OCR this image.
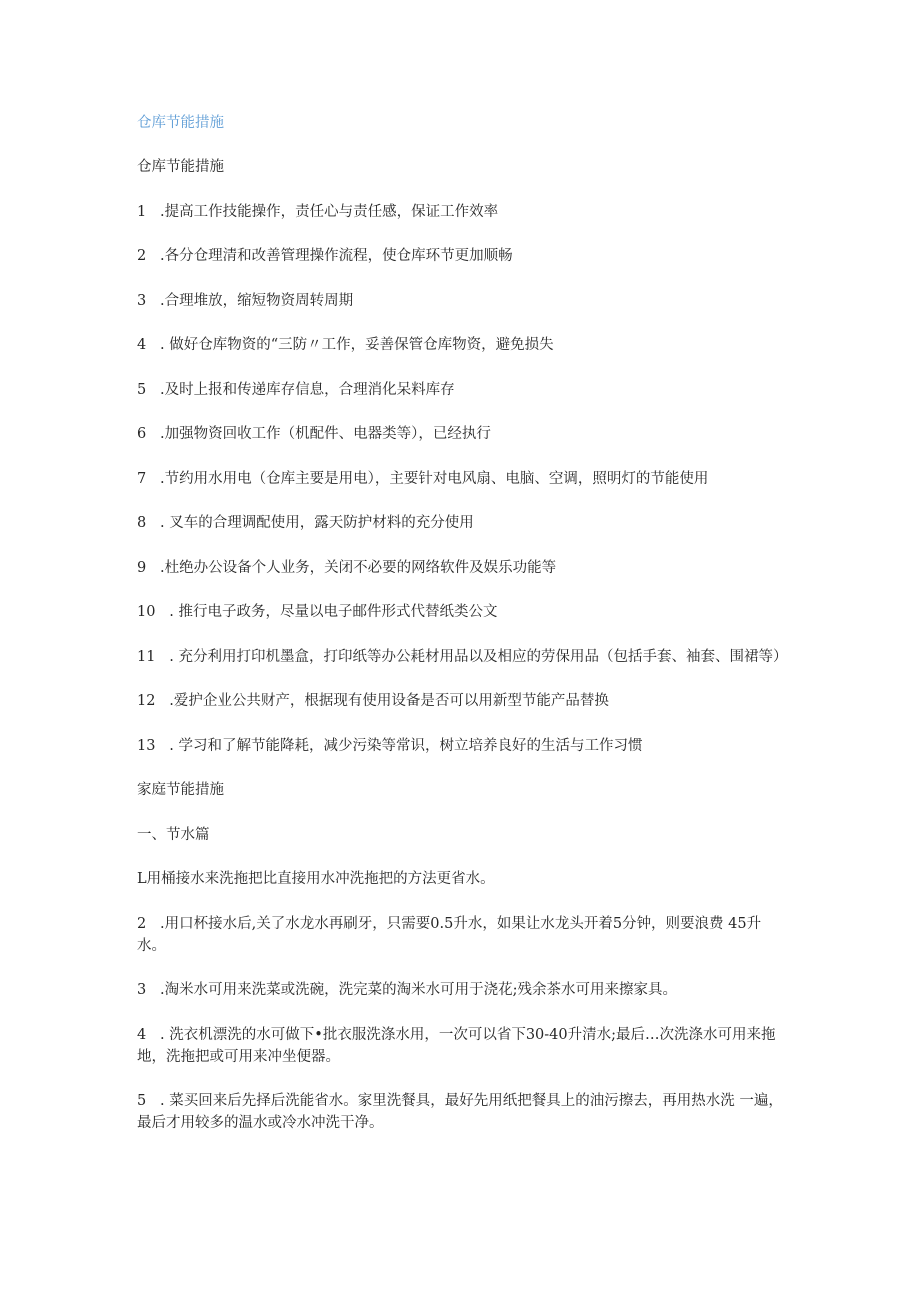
仓库节能措施

仓库节能措施

1   .提高工作技能操作，责任心与责任感，保证工作效率

2   .各分仓理清和改善管理操作流程，使仓库环节更加顺畅

3   .合理堆放，缩短物资周转周期

4   . 做好仓库物资的“三防〃工作，妥善保管仓库物资，避免损失

5   .及时上报和传递库存信息，合理消化呆料库存

6   .加强物资回收工作（机配件、电器类等），已经执行

7   .节约用水用电（仓库主要是用电），主要针对电风扇、电脑、空调，照明灯的节能使用

8   . 叉车的合理调配使用，露天防护材料的充分使用

9   .杜绝办公设备个人业务，关闭不必要的网络软件及娱乐功能等

10   . 推行电子政务，尽量以电子邮件形式代替纸类公文

11   . 充分利用打印机墨盒，打印纸等办公耗材用品以及相应的劳保用品（包括手套、袖套、围裙等）

12   .爱护企业公共财产，根据现有使用设备是否可以用新型节能产品替换

13   . 学习和了解节能降耗，减少污染等常识，树立培养良好的生活与工作习惯

家庭节能措施

一、节水篇

L用桶接水来洗拖把比直接用水冲洗拖把的方法更省水。

2   .用口杯接水后,关了水龙水再刷牙，只需要0.5升水，如果让水龙头开着5分钟，则要浪费 45升水。

3   .淘米水可用来洗菜或洗碗，洗完菜的淘米水可用于浇花;残余茶水可用来擦家具。

4   . 洗衣机漂洗的水可做下•批衣服洗涤水用，一次可以省下30-40升清水;最后…次洗涤水可用来拖地，洗拖把或可用来冲坐便器。

5   . 菜买回来后先择后洗能省水。家里洗餐具，最好先用纸把餐具上的油污擦去，再用热水洗 一遍，最后才用较多的温水或冷水冲洗干净。
